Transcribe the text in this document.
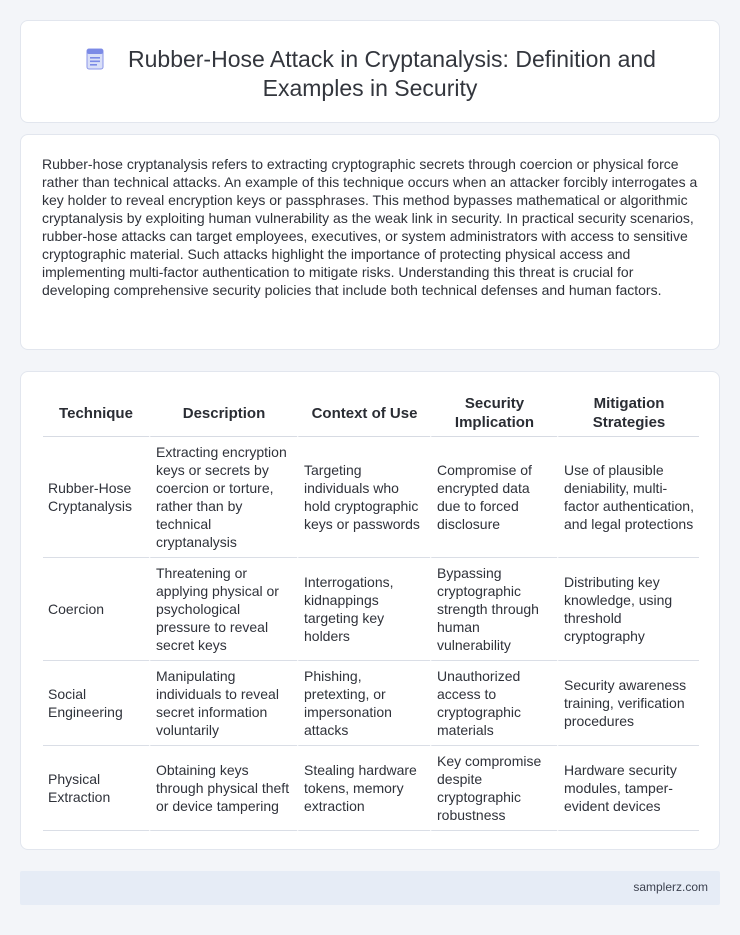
Rubber-Hose Attack in Cryptanalysis: Definition and Examples in Security

Rubber-hose cryptanalysis refers to extracting cryptographic secrets through coercion or physical force rather than technical attacks. An example of this technique occurs when an attacker forcibly interrogates a key holder to reveal encryption keys or passphrases. This method bypasses mathematical or algorithmic cryptanalysis by exploiting human vulnerability as the weak link in security. In practical security scenarios, rubber-hose attacks can target employees, executives, or system administrators with access to sensitive cryptographic material. Such attacks highlight the importance of protecting physical access and implementing multi-factor authentication to mitigate risks. Understanding this threat is crucial for developing comprehensive security policies that include both technical defenses and human factors.

Technique	Description	Context of Use	Security Implication	Mitigation Strategies
Rubber-Hose Cryptanalysis	Extracting encryption keys or secrets by coercion or torture, rather than by technical cryptanalysis	Targeting individuals who hold cryptographic keys or passwords	Compromise of encrypted data due to forced disclosure	Use of plausible deniability, multi-factor authentication, and legal protections
Coercion	Threatening or applying physical or psychological pressure to reveal secret keys	Interrogations, kidnappings targeting key holders	Bypassing cryptographic strength through human vulnerability	Distributing key knowledge, using threshold cryptography
Social Engineering	Manipulating individuals to reveal secret information voluntarily	Phishing, pretexting, or impersonation attacks	Unauthorized access to cryptographic materials	Security awareness training, verification procedures
Physical Extraction	Obtaining keys through physical theft or device tampering	Stealing hardware tokens, memory extraction	Key compromise despite cryptographic robustness	Hardware security modules, tamper-evident devices
samplerz.com
